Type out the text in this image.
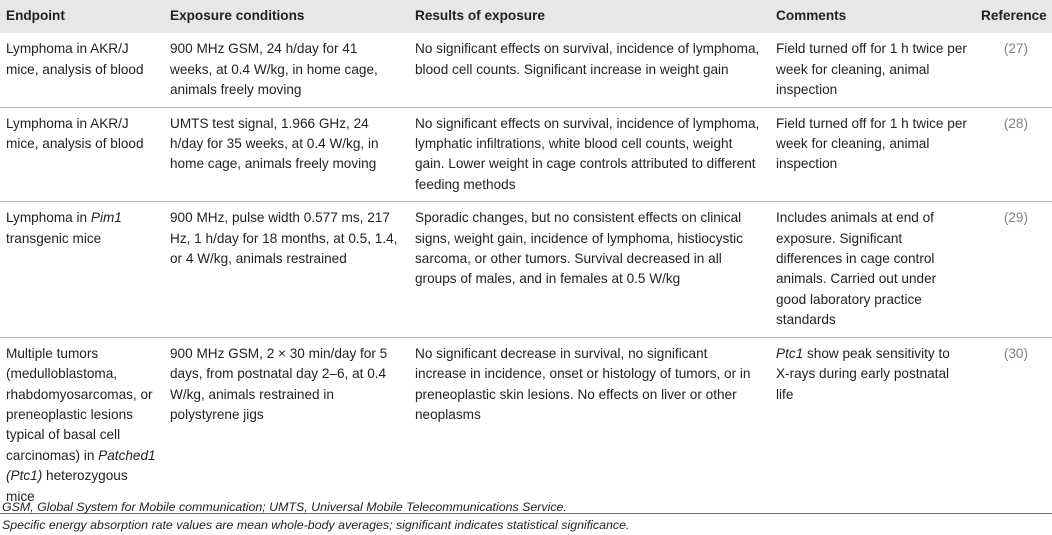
Endpoint	Exposure conditions	Results of exposure	Comments	Reference
Lymphoma in AKR/J mice, analysis of blood	900 MHz GSM, 24 h/day for 41 weeks, at 0.4 W/kg, in home cage, animals freely moving	No significant effects on survival, incidence of lymphoma, blood cell counts. Significant increase in weight gain	Field turned off for 1 h twice per week for cleaning, animal inspection	(27)
Lymphoma in AKR/J mice, analysis of blood	UMTS test signal, 1.966 GHz, 24 h/day for 35 weeks, at 0.4 W/kg, in home cage, animals freely moving	No significant effects on survival, incidence of lymphoma, lymphatic infiltrations, white blood cell counts, weight gain. Lower weight in cage controls attributed to different feeding methods	Field turned off for 1 h twice per week for cleaning, animal inspection	(28)
Lymphoma in Pim1 transgenic mice	900 MHz, pulse width 0.577 ms, 217 Hz, 1 h/day for 18 months, at 0.5, 1.4, or 4 W/kg, animals restrained	Sporadic changes, but no consistent effects on clinical signs, weight gain, incidence of lymphoma, histiocystic sarcoma, or other tumors. Survival decreased in all groups of males, and in females at 0.5 W/kg	Includes animals at end of exposure. Significant differences in cage control animals. Carried out under good laboratory practice standards	(29)
Multiple tumors (medulloblastoma, rhabdomyosarcomas, or preneoplastic lesions typical of basal cell carcinomas) in Patched1 (Ptc1) heterozygous mice	900 MHz GSM, 2 × 30 min/day for 5 days, from postnatal day 2–6, at 0.4 W/kg, animals restrained in polystyrene jigs	No significant decrease in survival, no significant increase in incidence, onset or histology of tumors, or in preneoplastic skin lesions. No effects on liver or other neoplasms	Ptc1 show peak sensitivity to X-rays during early postnatal life	(30)
GSM, Global System for Mobile communication; UMTS, Universal Mobile Telecommunications Service.
Specific energy absorption rate values are mean whole-body averages; significant indicates statistical significance.
